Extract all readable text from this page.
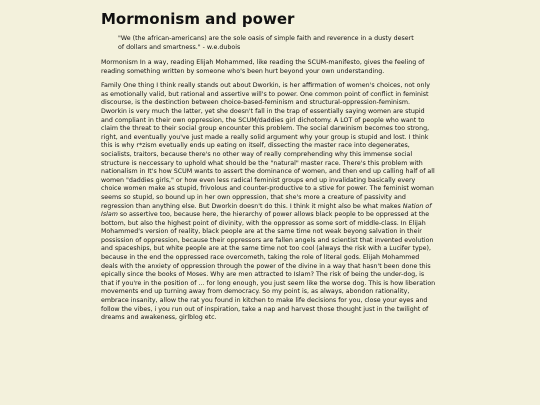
Mormonism and power

"We (the african-americans) are the sole oasis of simple faith and reverence in a dusty desert of dollars and smartness." - w.e.dubois

Mormonism In a way, reading Elijah Mohammed, like reading the SCUM-manifesto, gives the feeling of reading something written by someone who's been hurt beyond your own understanding.

Family One thing I think really stands out about Dworkin, is her affirmation of women's choices, not only as emotionally valid, but rational and assertive will's to power. One common point of conflict in feminist discourse, is the destinction between choice-based-feminism and structural-oppression-feminism. Dworkin is very much the latter, yet she doesn't fall in the trap of essentially saying women are stupid and compliant in their own oppression, the SCUM/daddies girl dichotomy. A LOT of people who want to claim the threat to their social group encounter this problem. The social darwinism becomes too strong, right, and eventually you've just made a really solid argument why your group is stupid and lost. I think this is why r*zism evetually ends up eating on itself, dissecting the master race into degenerates, socialists, traitors, because there's no other way of really comprehending why this immense social structure is neccessary to uphold what should be the "natural" master race. There's this problem with nationalism in It's how SCUM wants to assert the dominance of women, and then end up calling half of all women "daddies girls," or how even less radical feminist groups end up invalidating basically every choice women make as stupid, frivolous and counter-productive to a stive for power. The feminist woman seems so stupid, so bound up in her own oppression, that she's more a creature of passivity and regression than anything else. But Dworkin doesn't do this. I think it might also be what makes Nation of Islam so assertive too, because here, the hierarchy of power allows black people to be oppressed at the bottom, but also the highest point of divinity, with the oppressor as some sort of middle-class. In Elijah Mohammed's version of reality, black people are at the same time not weak beyong salvation in their possission of oppression, because their oppressors are fallen angels and scientist that invented evolution and spaceships, but white people are at the same time not too cool (always the risk with a Lucifer type), because in the end the oppressed race overcometh, taking the role of literal gods. Elijah Mohammed deals with the anxiety of oppression through the power of the divine in a way that hasn't been done this epically since the books of Moses. Why are men attracted to Islam? The risk of being the under-dog, is that if you're in the position of ... for long enough, you just seem like the worse dog. This is how liberation movements end up turning away from democracy. So my point is, as always, abondon rationality, embrace insanity, allow the rat you found in kitchen to make life decisions for you, close your eyes and follow the vibes, i you run out of inspiration, take a nap and harvest those thought just in the twilight of dreams and awakeness, girlblog etc.
